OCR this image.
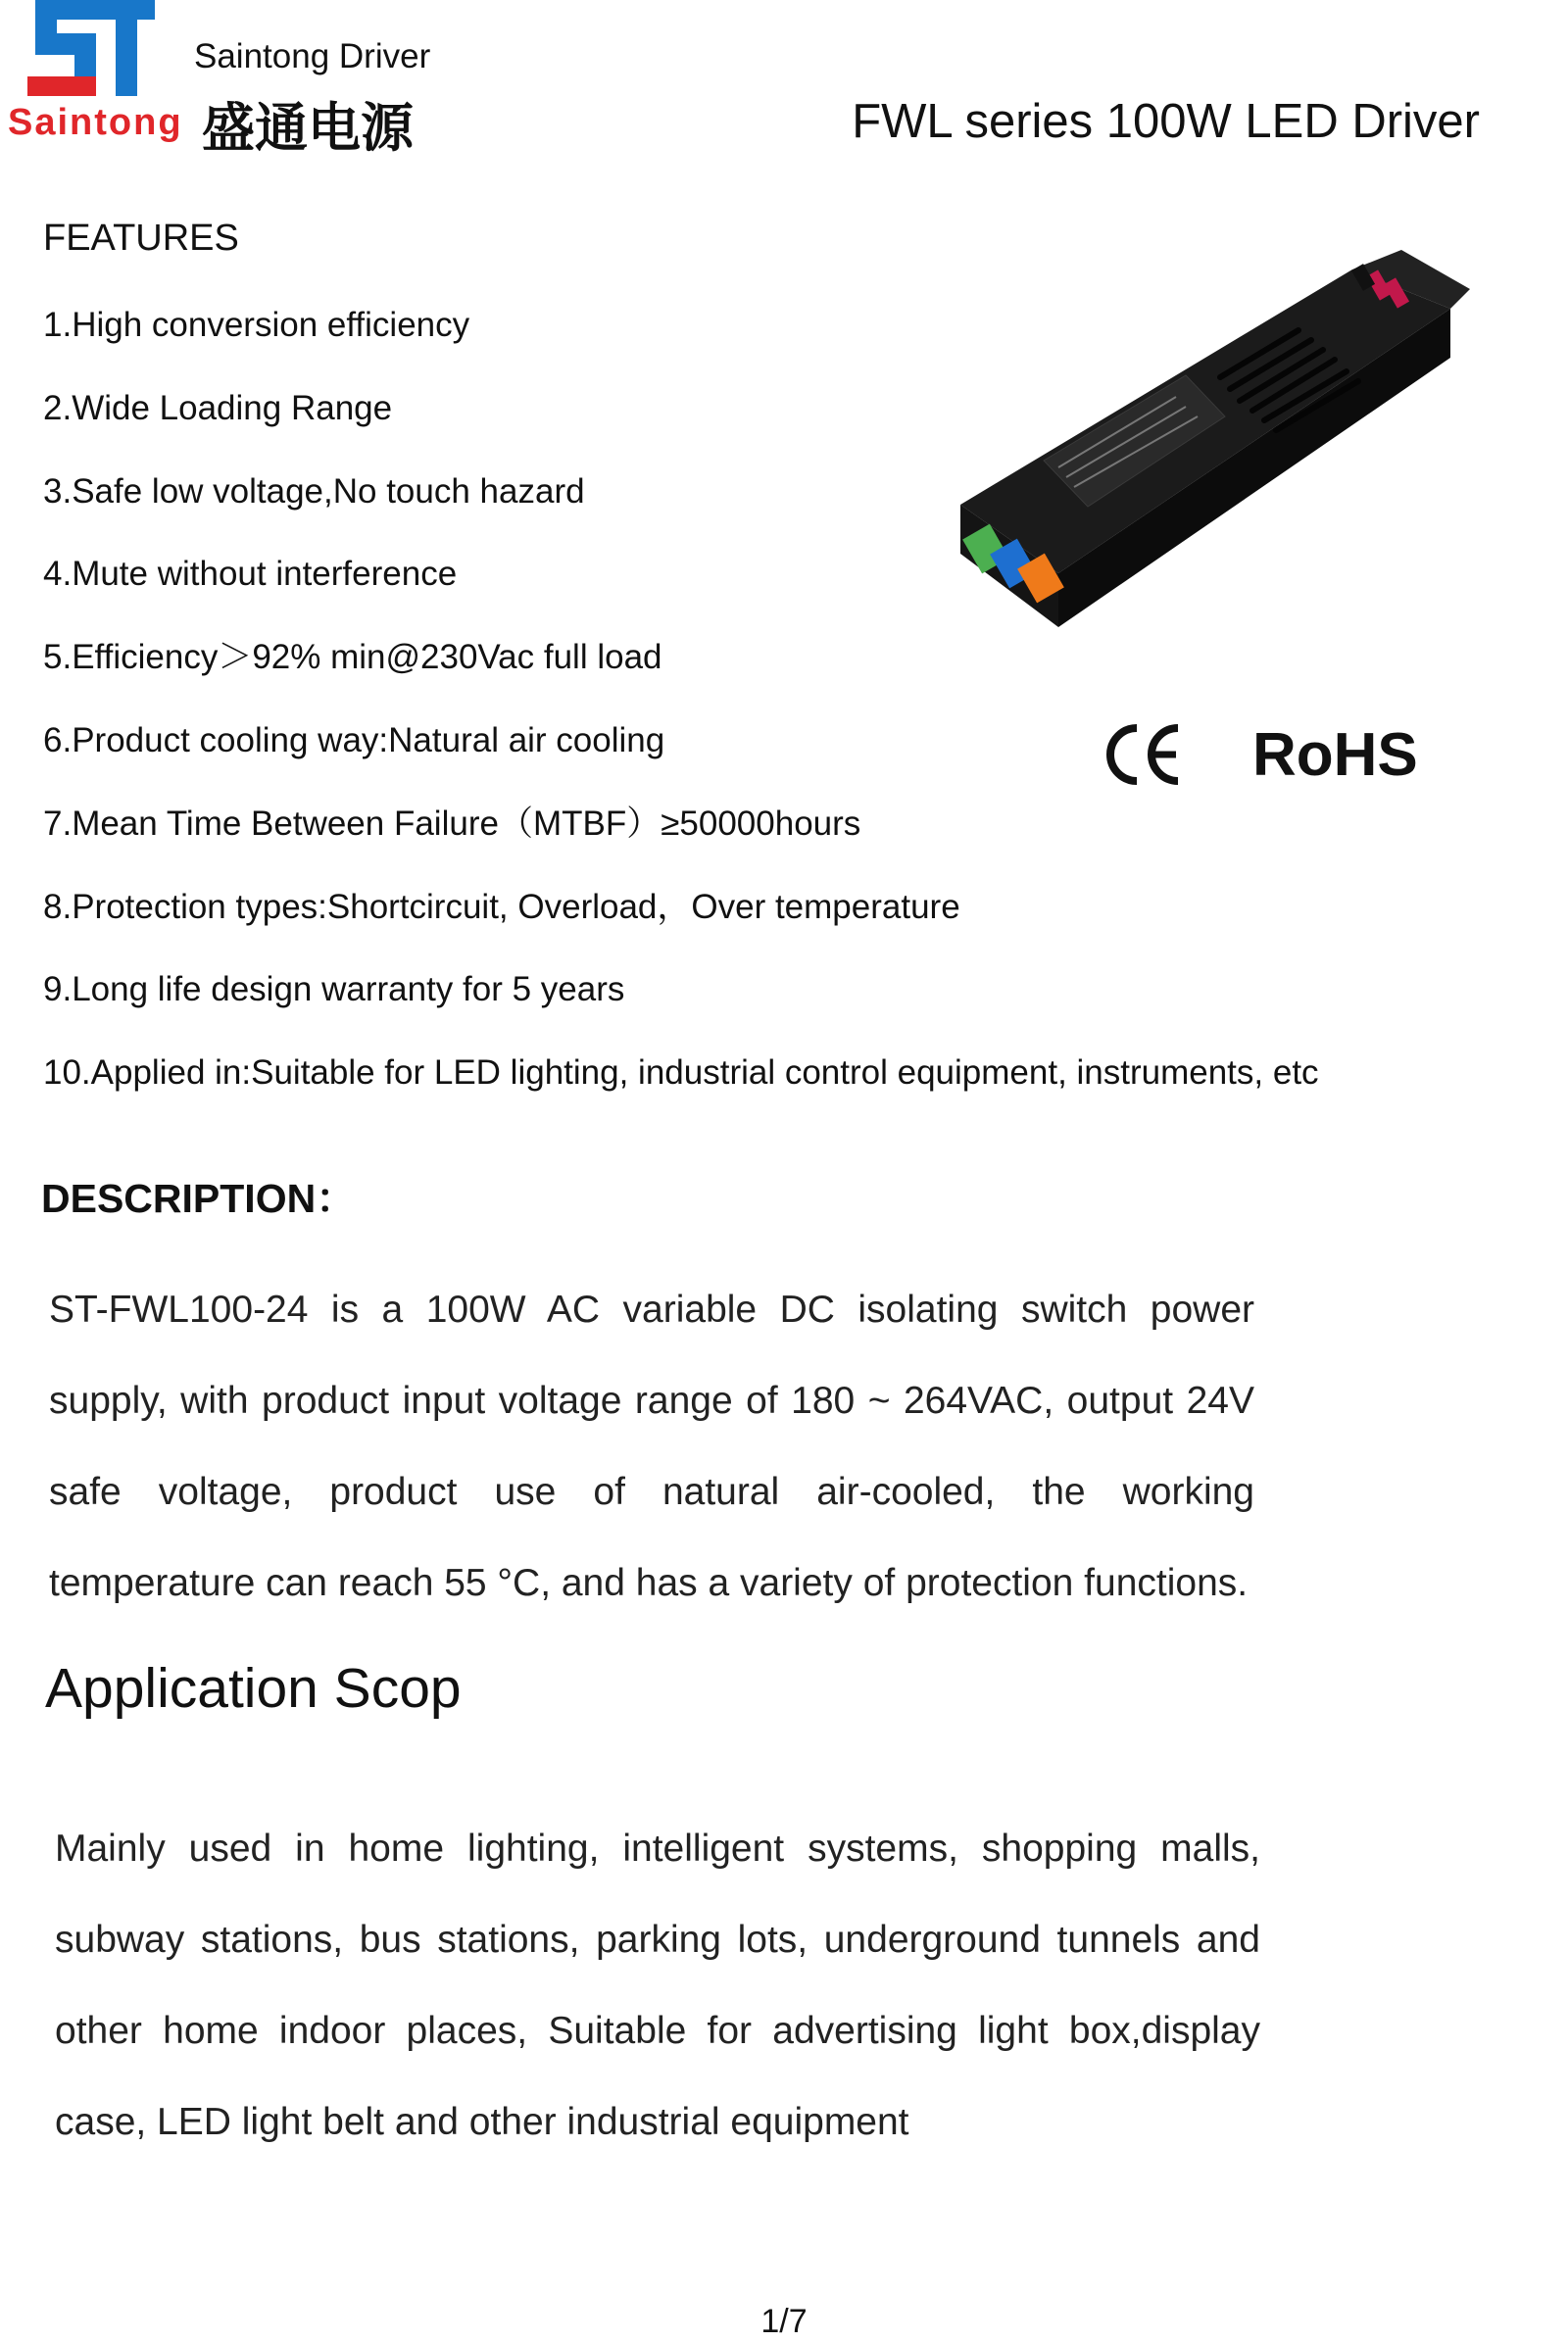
Saintong
Saintong Driver
盛通电源	FWL series 100W LED Driver
FEATURES
1.High conversion efficiency
2.Wide Loading Range
3.Safe low voltage,No touch hazard
4.Mute without interference
5.Efficiency＞92% min@230Vac full load
6.Product cooling way:Natural air cooling
7.Mean Time Between Failure（MTBF）≥50000hours
8.Protection types:Shortcircuit, Overload，Over temperature
9.Long life design warranty for 5 years
10.Applied in:Suitable for LED lighting, industrial control equipment, instruments, etc
RoHS
DESCRIPTION：

ST-FWL100-24 is a 100W AC variable DC isolating switch power supply, with product input voltage range of 180 ~ 264VAC, output 24V safe voltage, product use of natural air-cooled, the working temperature can reach 55 °C, and has a variety of protection functions.

Application Scop

Mainly used in home lighting, intelligent systems, shopping malls, subway stations, bus stations, parking lots, underground tunnels and other home indoor places, Suitable for advertising light box,display case, LED light belt and other industrial equipment

1/7
